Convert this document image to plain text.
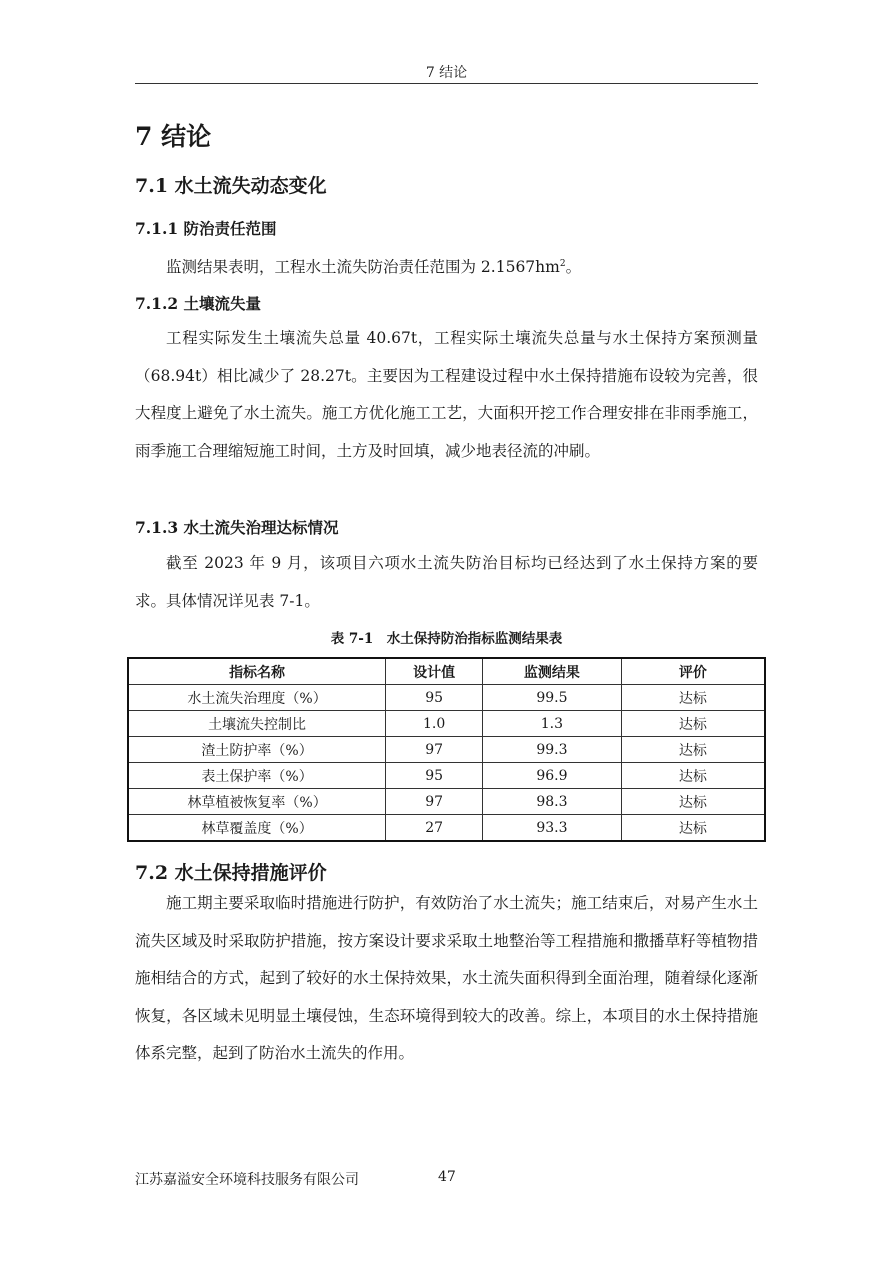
7 结论
7 结论
7.1 水土流失动态变化
7.1.1 防治责任范围

监测结果表明，工程水土流失防治责任范围为 $2.1567hm^2$。

7.1.2 土壤流失量

工程实际发生土壤流失总量 40.67t，工程实际土壤流失总量与水土保持方案预测量（68.94t）相比减少了 28.27t。主要因为工程建设过程中水土保持措施布设较为完善，很大程度上避免了水土流失。施工方优化施工工艺，大面积开挖工作合理安排在非雨季施工，雨季施工合理缩短施工时间，土方及时回填，减少地表径流的冲刷。

7.1.3 水土流失治理达标情况

截至 2023 年 9 月，该项目六项水土流失防治目标均已经达到了水土保持方案的要求。具体情况详见表 7-1。

表 7-1　水土保持防治指标监测结果表
指标名称	设计值	监测结果	评价
水土流失治理度（%）	95	99.5	达标
土壤流失控制比	1.0	1.3	达标
渣土防护率（%）	97	99.3	达标
表土保护率（%）	95	96.9	达标
林草植被恢复率（%）	97	98.3	达标
林草覆盖度（%）	27	93.3	达标
7.2 水土保持措施评价

施工期主要采取临时措施进行防护，有效防治了水土流失；施工结束后，对易产生水土流失区域及时采取防护措施，按方案设计要求采取土地整治等工程措施和撒播草籽等植物措施相结合的方式，起到了较好的水土保持效果，水土流失面积得到全面治理，随着绿化逐渐恢复，各区域未见明显土壤侵蚀，生态环境得到较大的改善。综上，本项目的水土保持措施体系完整，起到了防治水土流失的作用。

江苏嘉溢安全环境科技服务有限公司	47
